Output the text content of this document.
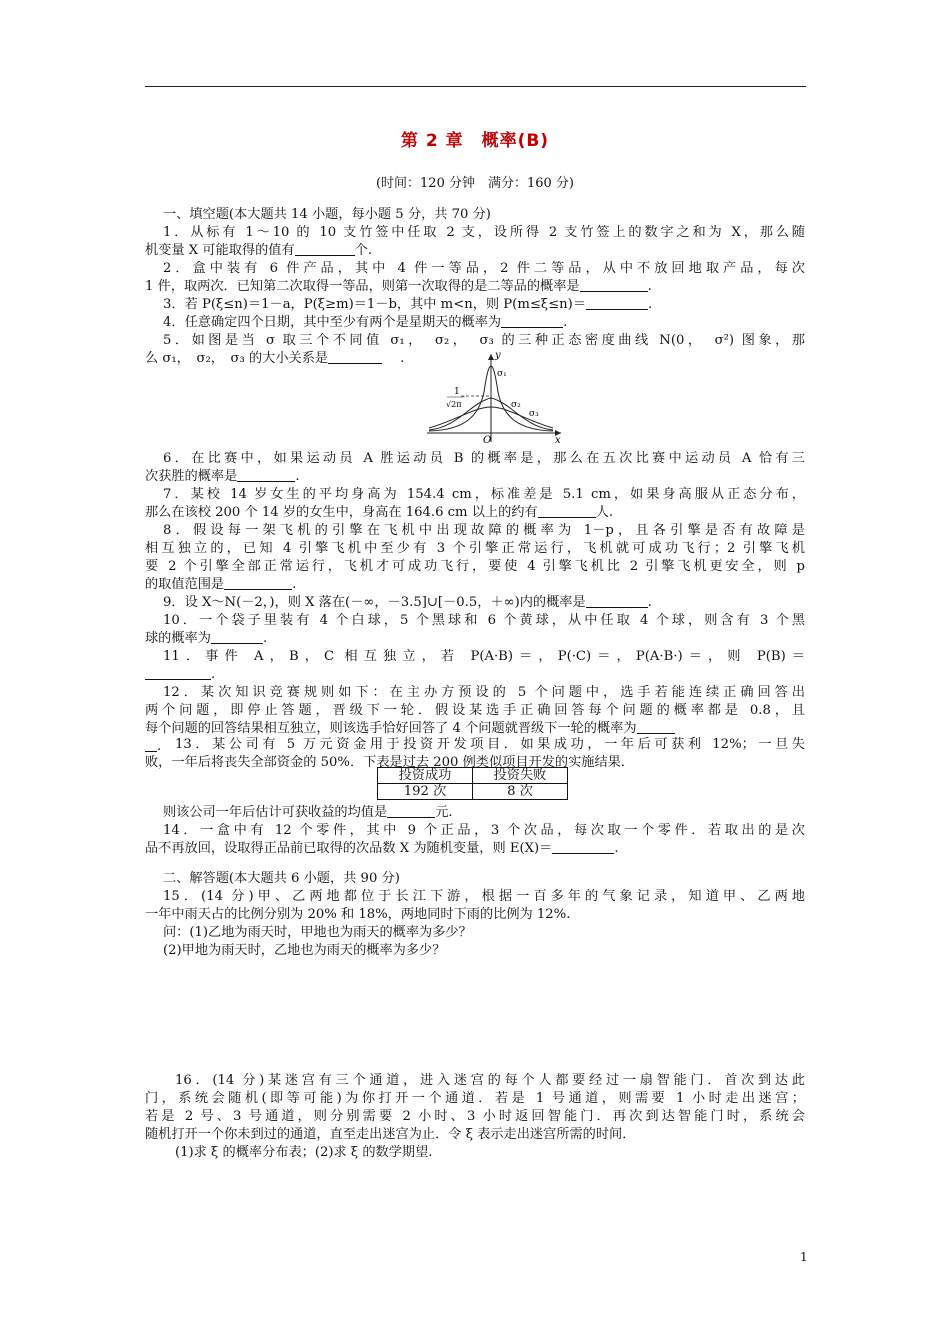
第 2 章　概率(B)
(时间：120 分钟　满分：160 分)
一、填空题(本大题共 14 小题，每小题 5 分，共 70 分)
1．从标有 1～10 的 10 支竹签中任取 2 支，设所得 2 支竹签上的数字之和为 X，那么随
机变量 X 可能取得的值有	个.
2．盒中装有 6 件产品，其中 4 件一等品，2 件二等品，从中不放回地取产品，每次
1 件，取两次．已知第二次取得一等品，则第一次取得的是二等品的概率是	.
3．若 P(ξ≤n)＝1－a，P(ξ≥m)＝1－b，其中 m<n，则 P(m≤ξ≤n)＝	.
4．任意确定四个日期，其中至少有两个是星期天的概率为	.
5．如图是当 σ 取三个不同值 σ₁，　σ₂，　σ₃ 的三种正态密度曲线 N(0，　σ²) 图象，那
么 σ₁，　σ₂，　σ₃ 的大小关系是	.	y
x
O
1
√2π
σ₁
σ₂
σ₃
6．在比赛中，如果运动员 A 胜运动员 B 的概率是，那么在五次比赛中运动员 A 恰有三
次获胜的概率是	.
7．某校 14 岁女生的平均身高为 154.4 cm，标准差是 5.1 cm，如果身高服从正态分布，
那么在该校 200 个 14 岁的女生中，身高在 164.6 cm 以上的约有	人.
8．假设每一架飞机的引擎在飞机中出现故障的概率为 1－p，且各引擎是否有故障是
相互独立的，已知 4 引擎飞机中至少有 3 个引擎正常运行，飞机就可成功飞行；2 引擎飞机
要 2 个引擎全部正常运行，飞机才可成功飞行，要使 4 引擎飞机比 2 引擎飞机更安全，则 p
的取值范围是	.
9．设 X～N(－2，)，则 X 落在(－∞，－3.5]∪[－0.5，＋∞)内的概率是	.
10．一个袋子里装有 4 个白球，5 个黑球和 6 个黄球，从中任取 4 个球，则含有 3 个黑
球的概率为	.
11．事件 A，B，C 相互独立，若 P(A·B)＝，P(·C)＝，P(A·B·)＝，则 P(B)＝
.
12．某次知识竞赛规则如下：在主办方预设的 5 个问题中，选手若能连续正确回答出
两个问题，即停止答题，晋级下一轮．假设某选手正确回答每个问题的概率都是 0.8，且
每个问题的回答结果相互独立，则该选手恰好回答了 4 个问题就晋级下一轮的概率为
. 13．某公司有 5 万元资金用于投资开发项目．如果成功，一年后可获利 12%；一旦失
败，一年后将丧失全部资金的 50%．下表是过去 200 例类似项目开发的实施结果．
投资成功	投资失败
192 次	8 次
则该公司一年后估计可获收益的均值是	元.
14．一盒中有 12 个零件，其中 9 个正品，3 个次品，每次取一个零件．若取出的是次
品不再放回，设取得正品前已取得的次品数 X 为随机变量，则 E(X)＝	.
二、解答题(本大题共 6 小题，共 90 分)
15．(14 分)甲、乙两地都位于长江下游，根据一百多年的气象记录，知道甲、乙两地
一年中雨天占的比例分别为 20% 和 18%，两地同时下雨的比例为 12%.
问：(1)乙地为雨天时，甲地也为雨天的概率为多少？
(2)甲地为雨天时，乙地也为雨天的概率为多少？
16．(14 分)某迷宫有三个通道，进入迷宫的每个人都要经过一扇智能门．首次到达此
门，系统会随机(即等可能)为你打开一个通道．若是 1 号通道，则需要 1 小时走出迷宫；
若是 2 号、3 号通道，则分别需要 2 小时、3 小时返回智能门．再次到达智能门时，系统会
随机打开一个你未到过的通道，直至走出迷宫为止．令 ξ 表示走出迷宫所需的时间．
(1)求 ξ 的概率分布表；(2)求 ξ 的数学期望.
1
